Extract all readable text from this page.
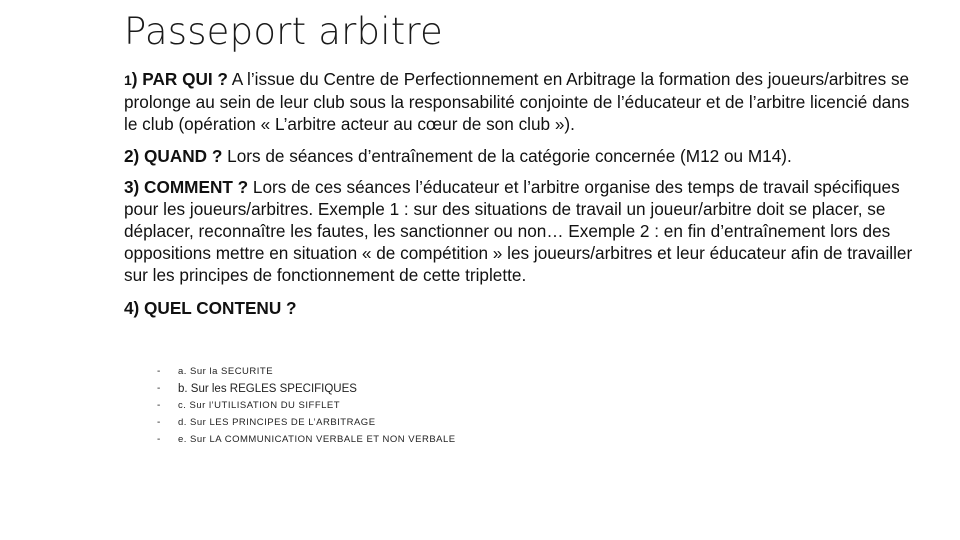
Passeport arbitre

1) PAR QUI ? A l’issue du Centre de Perfectionnement en Arbitrage la formation des joueurs/arbitres se prolonge au sein de leur club sous la responsabilité conjointe de l’éducateur et de l’arbitre licencié dans le club (opération « L’arbitre acteur au cœur de son club »).

2) QUAND ? Lors de séances d’entraînement de la catégorie concernée (M12 ou M14).

3) COMMENT ? Lors de ces séances l’éducateur et l’arbitre organise des temps de travail spécifiques pour les joueurs/arbitres. Exemple 1 : sur des situations de travail un joueur/arbitre doit se placer, se déplacer, reconnaître les fautes, les sanctionner ou non… Exemple 2 : en fin d’entraînement lors des oppositions mettre en situation « de compétition » les joueurs/arbitres et leur éducateur afin de travailler sur les principes de fonctionnement de cette triplette.

4) QUEL CONTENU ?

-	a. Sur la SECURITE
-	b. Sur les REGLES SPECIFIQUES
-	c. Sur l’UTILISATION DU SIFFLET
-	d. Sur LES PRINCIPES DE L’ARBITRAGE
-	e. Sur LA COMMUNICATION VERBALE ET NON VERBALE
